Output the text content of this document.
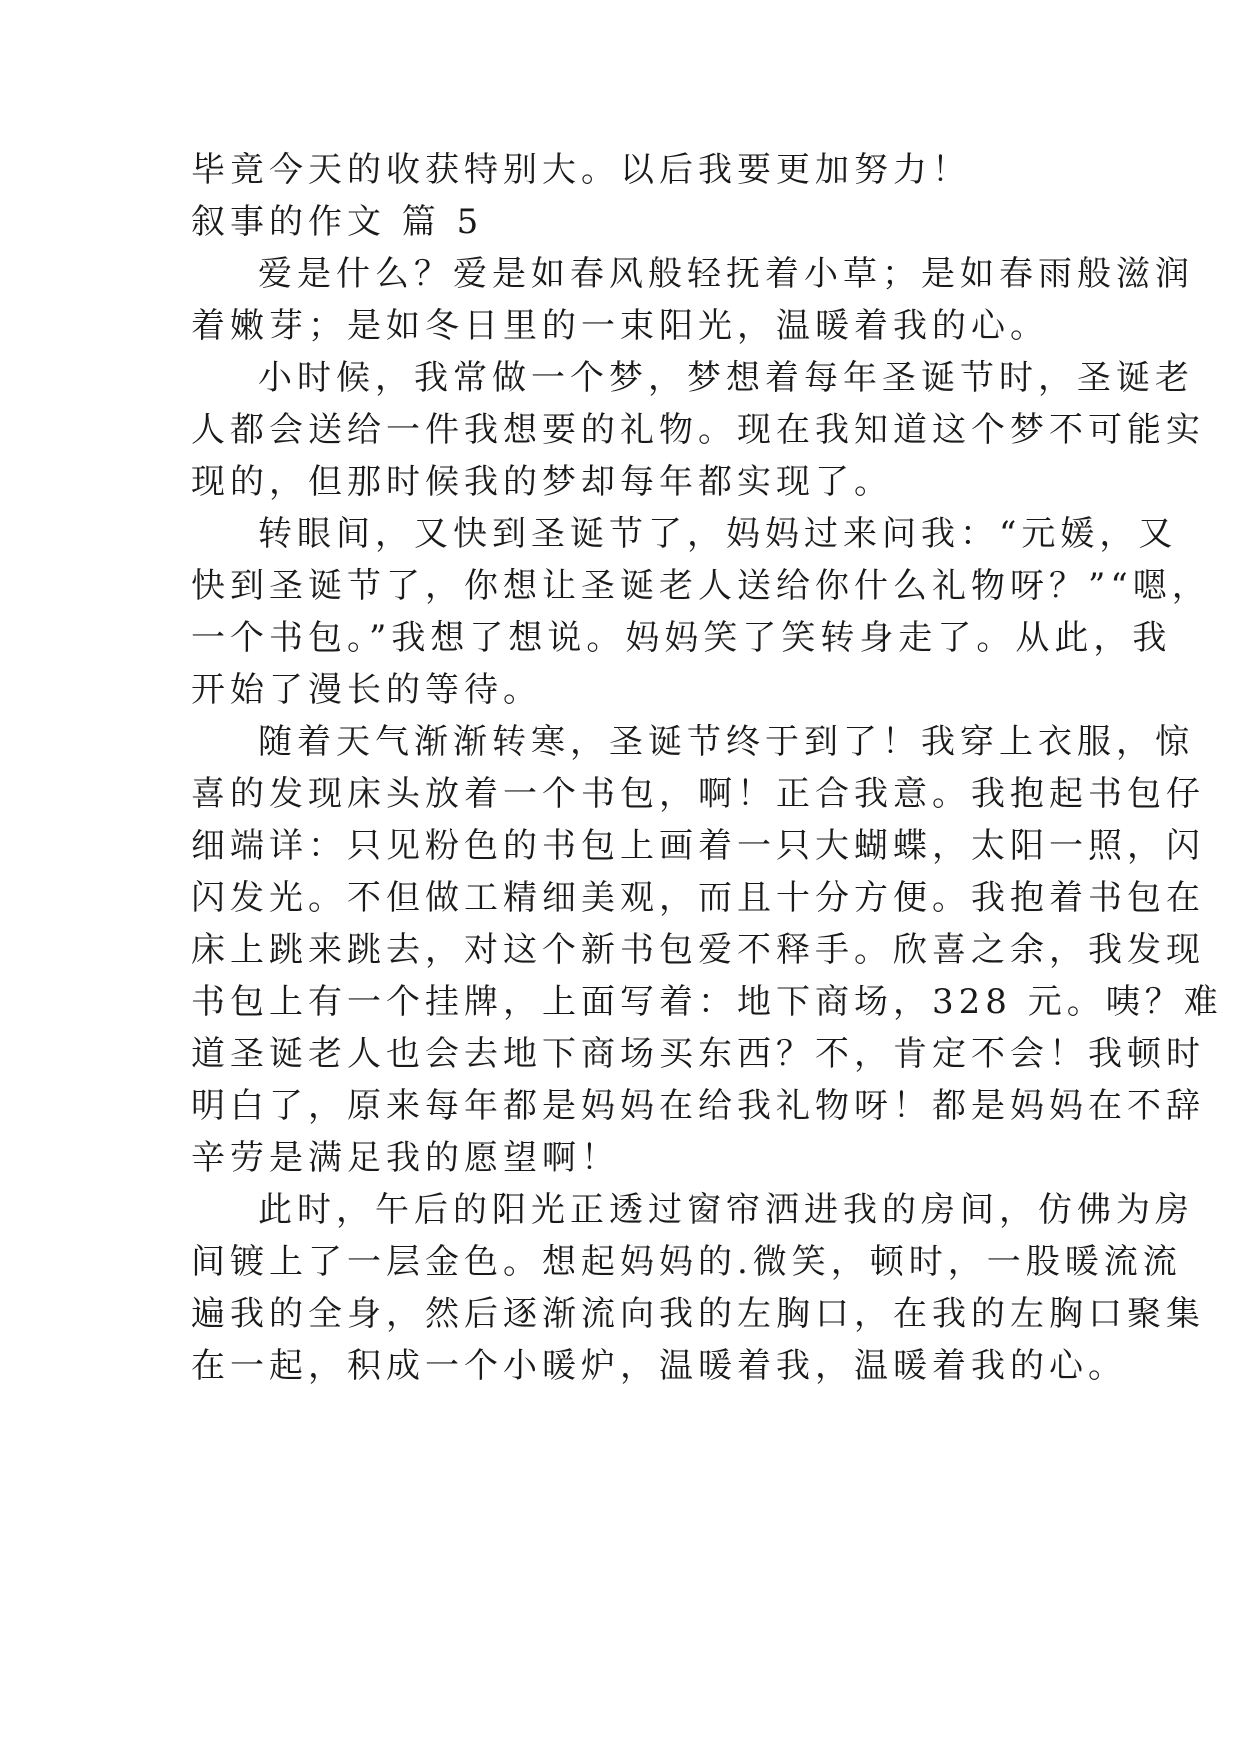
毕竟今天的收获特别大。以后我要更加努力！
叙事的作文 篇 5
爱是什么？爱是如春风般轻抚着小草；是如春雨般滋润
着嫩芽；是如冬日里的一束阳光，温暖着我的心。
小时候，我常做一个梦，梦想着每年圣诞节时，圣诞老
人都会送给一件我想要的礼物。现在我知道这个梦不可能实
现的，但那时候我的梦却每年都实现了。
转眼间，又快到圣诞节了，妈妈过来问我：“元媛，又
快到圣诞节了，你想让圣诞老人送给你什么礼物呀？”“嗯，
一个书包。”我想了想说。妈妈笑了笑转身走了。从此，我
开始了漫长的等待。
随着天气渐渐转寒，圣诞节终于到了！我穿上衣服，惊
喜的发现床头放着一个书包，啊！正合我意。我抱起书包仔
细端详：只见粉色的书包上画着一只大蝴蝶，太阳一照，闪
闪发光。不但做工精细美观，而且十分方便。我抱着书包在
床上跳来跳去，对这个新书包爱不释手。欣喜之余，我发现
书包上有一个挂牌，上面写着：地下商场，328 元。咦？难
道圣诞老人也会去地下商场买东西？不，肯定不会！我顿时
明白了，原来每年都是妈妈在给我礼物呀！都是妈妈在不辞
辛劳是满足我的愿望啊！
此时，午后的阳光正透过窗帘洒进我的房间，仿佛为房
间镀上了一层金色。想起妈妈的.微笑，顿时，一股暖流流
遍我的全身，然后逐渐流向我的左胸口，在我的左胸口聚集
在一起，积成一个小暖炉，温暖着我，温暖着我的心。
